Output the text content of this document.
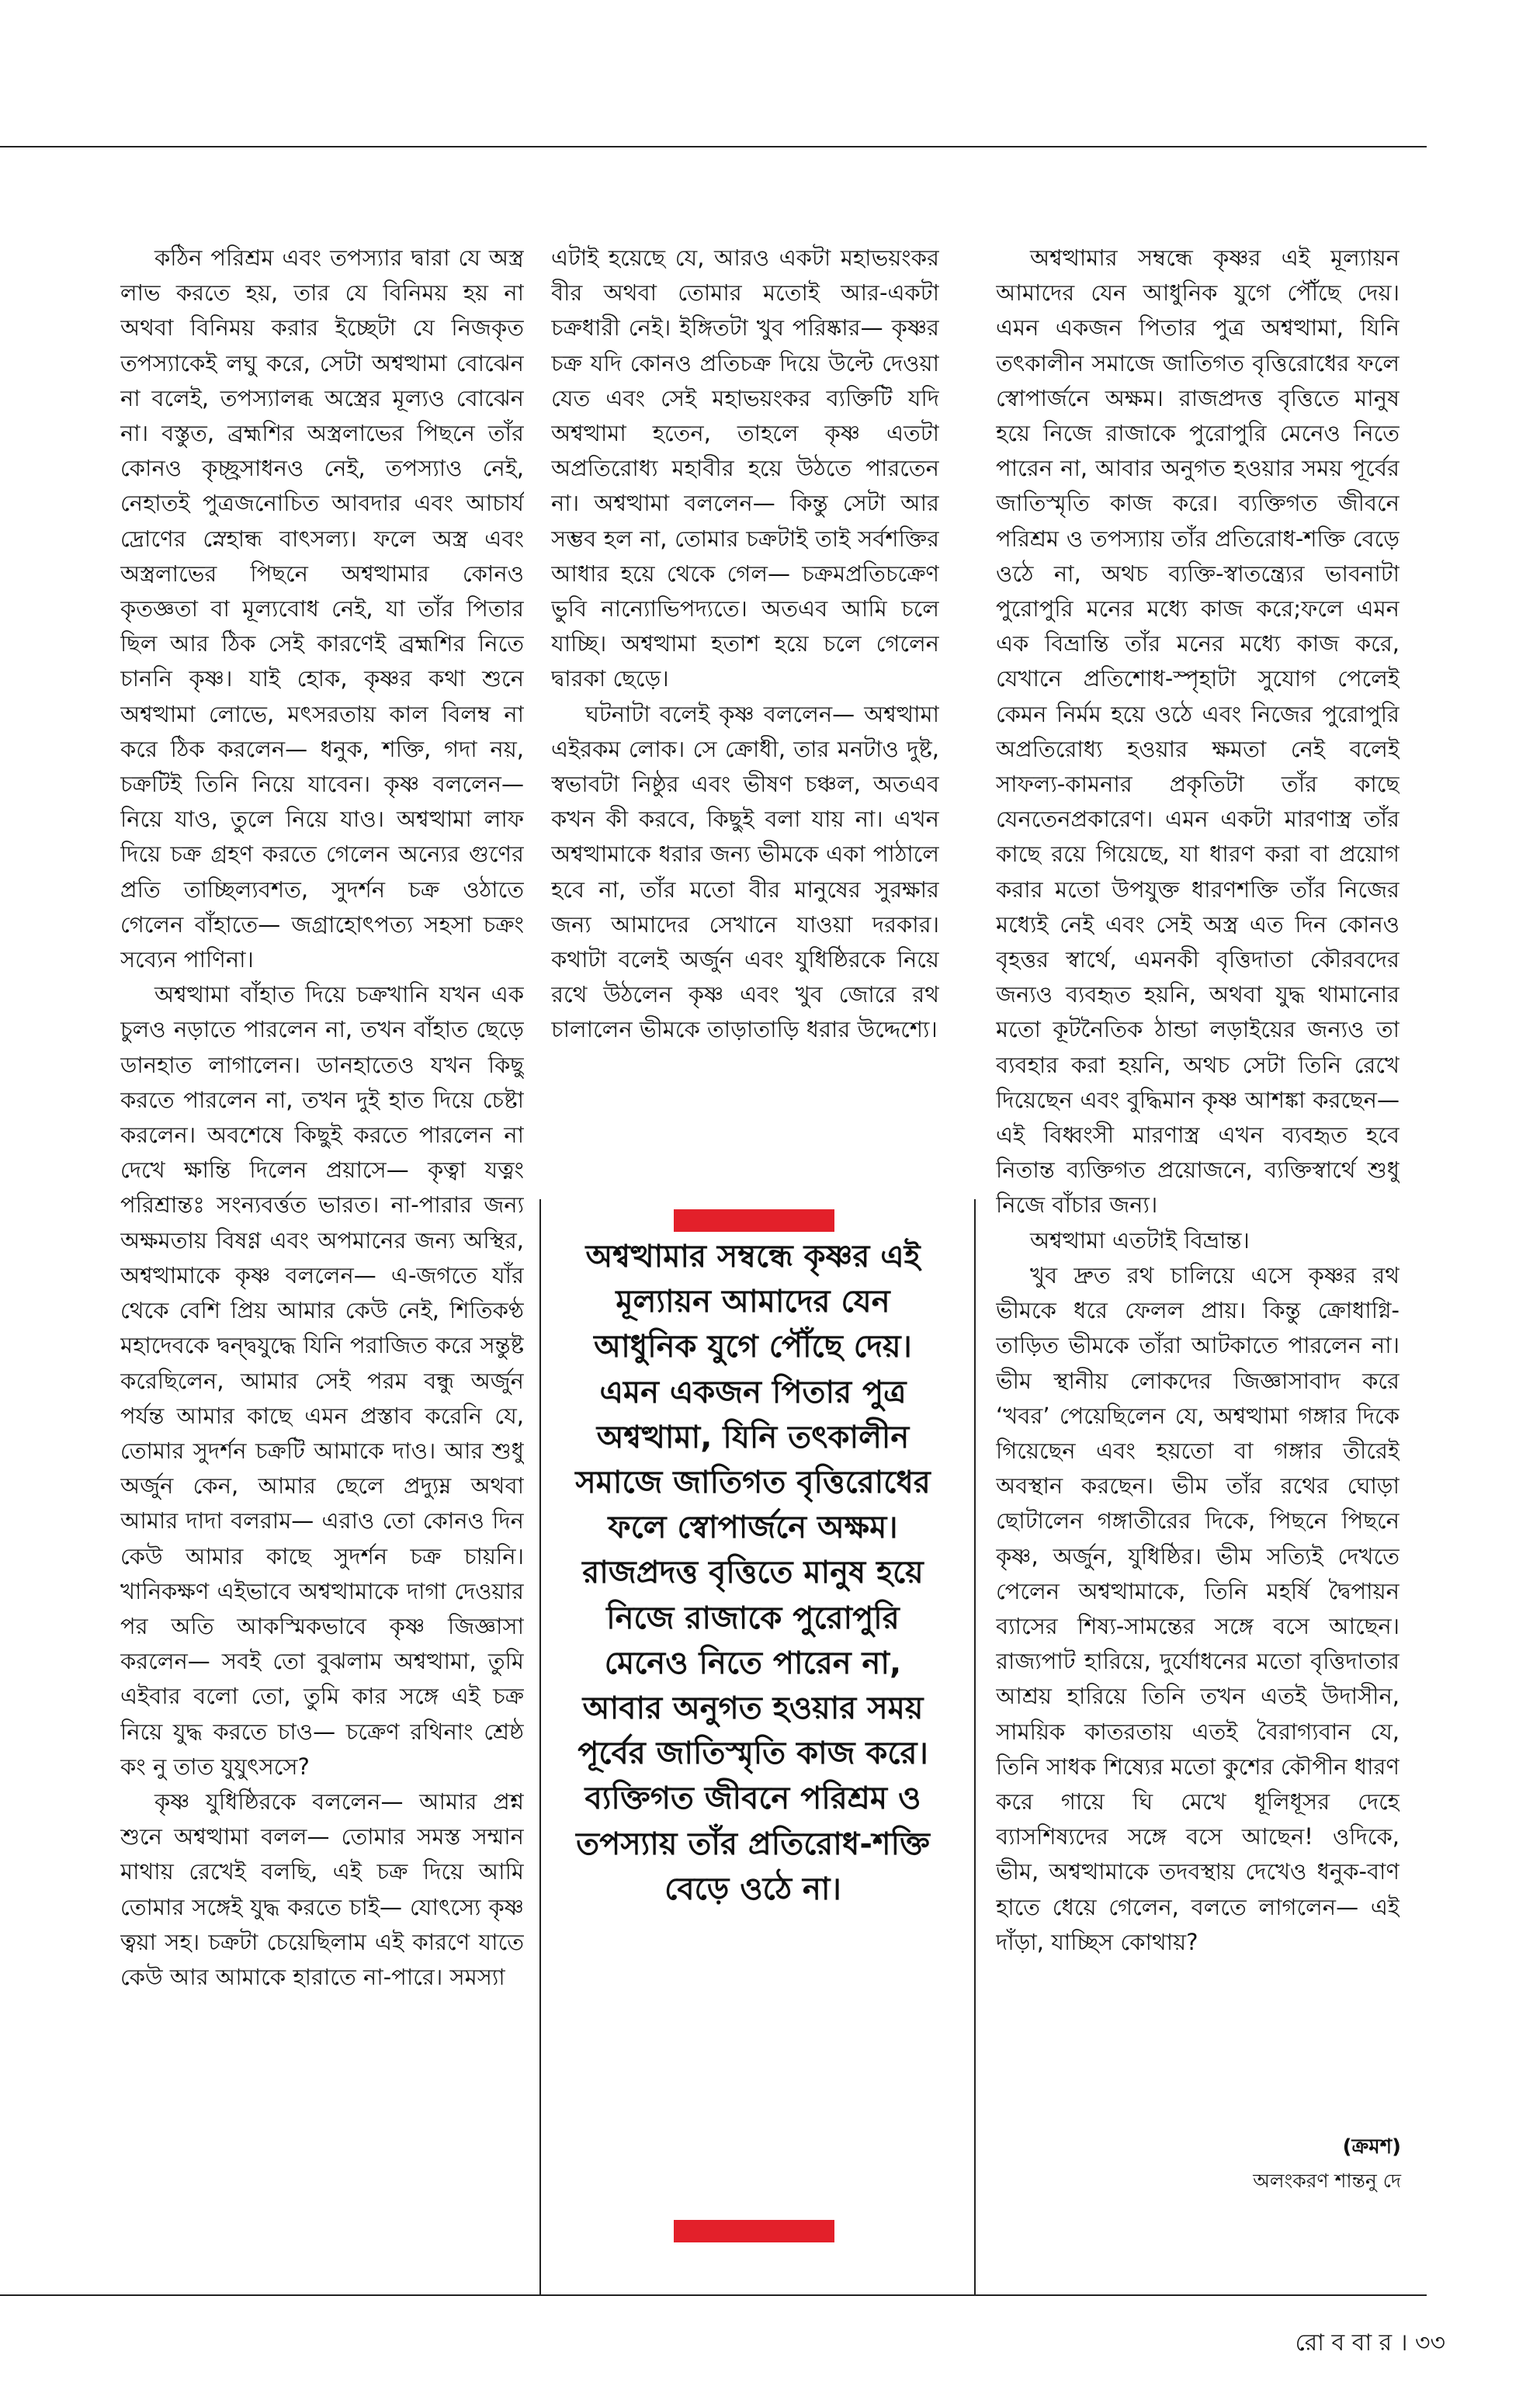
কঠিন পরিশ্রম এবং তপস্যার দ্বারা যে অস্ত্র লাভ করতে হয়, তার যে বিনিময় হয় না অথবা বিনিময় করার ইচ্ছেটা যে নিজকৃত তপস্যাকেই লঘু করে, সেটা অশ্বত্থামা বোঝেন না বলেই, তপস্যালব্ধ অস্ত্রের মূল্যও বোঝেন না। বস্তুত, ব্রহ্মশির অস্ত্রলাভের পিছনে তাঁর কোনও কৃচ্ছ্রসাধনও নেই, তপস্যাও নেই, নেহাতই পুত্রজনোচিত আবদার এবং আচার্য দ্রোণের স্নেহান্ধ বাৎসল্য। ফলে অস্ত্র এবং অস্ত্রলাভের পিছনে অশ্বত্থামার কোনও কৃতজ্ঞতা বা মূল্যবোধ নেই, যা তাঁর পিতার ছিল আর ঠিক সেই কারণেই ব্রহ্মশির নিতে চাননি কৃষ্ণ। যাই হোক, কৃষ্ণর কথা শুনে অশ্বত্থামা লোভে, মৎসরতায় কাল বিলম্ব না করে ঠিক করলেন— ধনুক, শক্তি, গদা নয়, চক্রটিই তিনি নিয়ে যাবেন। কৃষ্ণ বললেন— নিয়ে যাও, তুলে নিয়ে যাও। অশ্বত্থামা লাফ দিয়ে চক্র গ্রহণ করতে গেলেন অন্যের গুণের প্রতি তাচ্ছিল্যবশত, সুদর্শন চক্র ওঠাতে গেলেন বাঁহাতে— জগ্রাহোৎপত্য সহসা চক্রং সব্যেন পাণিনা।

অশ্বত্থামা বাঁহাত দিয়ে চক্রখানি যখন এক চুলও নড়াতে পারলেন না, তখন বাঁহাত ছেড়ে ডানহাত লাগালেন। ডানহাতেও যখন কিছু করতে পারলেন না, তখন দুই হাত দিয়ে চেষ্টা করলেন। অবশেষে কিছুই করতে পারলেন না দেখে ক্ষান্তি দিলেন প্রয়াসে— কৃত্বা যত্নং পরিশ্রান্তঃ সংন্যবর্ত্তত ভারত। না-পারার জন্য অক্ষমতায় বিষণ্ণ এবং অপমানের জন্য অস্থির, অশ্বত্থামাকে কৃষ্ণ বললেন— এ-জগতে যাঁর থেকে বেশি প্রিয় আমার কেউ নেই, শিতিকণ্ঠ মহাদেবকে দ্বন্দ্বযুদ্ধে যিনি পরাজিত করে সন্তুষ্ট করেছিলেন, আমার সেই পরম বন্ধু অর্জুন পর্যন্ত আমার কাছে এমন প্রস্তাব করেনি যে, তোমার সুদর্শন চক্রটি আমাকে দাও। আর শুধু অর্জুন কেন, আমার ছেলে প্রদ্যুম্ন অথবা আমার দাদা বলরাম— এরাও তো কোনও দিন কেউ আমার কাছে সুদর্শন চক্র চায়নি। খানিকক্ষণ এইভাবে অশ্বত্থামাকে দাগা দেওয়ার পর অতি আকস্মিকভাবে কৃষ্ণ জিজ্ঞাসা করলেন— সবই তো বুঝলাম অশ্বত্থামা, তুমি এইবার বলো তো, তুমি কার সঙ্গে এই চক্র নিয়ে যুদ্ধ করতে চাও— চক্রেণ রথিনাং শ্রেষ্ঠ কং নু তাত যুযুৎসসে?

কৃষ্ণ যুধিষ্ঠিরকে বললেন— আমার প্রশ্ন শুনে অশ্বত্থামা বলল— তোমার সমস্ত সম্মান মাথায় রেখেই বলছি, এই চক্র দিয়ে আমি তোমার সঙ্গেই যুদ্ধ করতে চাই— যোৎস্যে কৃষ্ণ ত্বয়া সহ। চক্রটা চেয়েছিলাম এই কারণে যাতে কেউ আর আমাকে হারাতে না-পারে। সমস্যা

এটাই হয়েছে যে, আরও একটা মহাভয়ংকর বীর অথবা তোমার মতোই আর-একটা চক্রধারী নেই। ইঙ্গিতটা খুব পরিষ্কার— কৃষ্ণর চক্র যদি কোনও প্রতিচক্র দিয়ে উল্টে দেওয়া যেত এবং সেই মহাভয়ংকর ব্যক্তিটি যদি অশ্বত্থামা হতেন, তাহলে কৃষ্ণ এতটা অপ্রতিরোধ্য মহাবীর হয়ে উঠতে পারতেন না। অশ্বত্থামা বললেন— কিন্তু সেটা আর সম্ভব হল না, তোমার চক্রটাই তাই সর্বশক্তির আধার হয়ে থেকে গেল— চক্রমপ্রতিচক্রেণ ভুবি নান্যোভিপদ্যতে। অতএব আমি চলে যাচ্ছি। অশ্বত্থামা হতাশ হয়ে চলে গেলেন দ্বারকা ছেড়ে।

ঘটনাটা বলেই কৃষ্ণ বললেন— অশ্বত্থামা এইরকম লোক। সে ক্রোধী, তার মনটাও দুষ্ট, স্বভাবটা নিষ্ঠুর এবং ভীষণ চঞ্চল, অতএব কখন কী করবে, কিছুই বলা যায় না। এখন অশ্বত্থামাকে ধরার জন্য ভীমকে একা পাঠালে হবে না, তাঁর মতো বীর মানুষের সুরক্ষার জন্য আমাদের সেখানে যাওয়া দরকার। কথাটা বলেই অর্জুন এবং যুধিষ্ঠিরকে নিয়ে রথে উঠলেন কৃষ্ণ এবং খুব জোরে রথ চালালেন ভীমকে তাড়াতাড়ি ধরার উদ্দেশ্যে।

অশ্বত্থামার সম্বন্ধে কৃষ্ণর এই মূল্যায়ন আমাদের যেন আধুনিক যুগে পৌঁছে দেয়। এমন একজন পিতার পুত্র অশ্বত্থামা, যিনি তৎকালীন সমাজে জাতিগত বৃত্তিরোধের ফলে স্বোপার্জনে অক্ষম। রাজপ্রদত্ত বৃত্তিতে মানুষ হয়ে নিজে রাজাকে পুরোপুরি মেনেও নিতে পারেন না, আবার অনুগত হওয়ার সময় পূর্বের জাতিস্মৃতি কাজ করে। ব্যক্তিগত জীবনে পরিশ্রম ও তপস্যায় তাঁর প্রতিরোধ-শক্তি বেড়ে ওঠে না।

অশ্বত্থামার সম্বন্ধে কৃষ্ণর এই মূল্যায়ন আমাদের যেন আধুনিক যুগে পৌঁছে দেয়। এমন একজন পিতার পুত্র অশ্বত্থামা, যিনি তৎকালীন সমাজে জাতিগত বৃত্তিরোধের ফলে স্বোপার্জনে অক্ষম। রাজপ্রদত্ত বৃত্তিতে মানুষ হয়ে নিজে রাজাকে পুরোপুরি মেনেও নিতে পারেন না, আবার অনুগত হওয়ার সময় পূর্বের জাতিস্মৃতি কাজ করে। ব্যক্তিগত জীবনে পরিশ্রম ও তপস্যায় তাঁর প্রতিরোধ-শক্তি বেড়ে ওঠে না, অথচ ব্যক্তি-স্বাতন্ত্র্যের ভাবনাটা পুরোপুরি মনের মধ্যে কাজ করে;ফলে এমন এক বিভ্রান্তি তাঁর মনের মধ্যে কাজ করে, যেখানে প্রতিশোধ-স্পৃহাটা সুযোগ পেলেই কেমন নির্মম হয়ে ওঠে এবং নিজের পুরোপুরি অপ্রতিরোধ্য হওয়ার ক্ষমতা নেই বলেই সাফল্য-কামনার প্রকৃতিটা তাঁর কাছে যেনতেনপ্রকারেণ। এমন একটা মারণাস্ত্র তাঁর কাছে রয়ে গিয়েছে, যা ধারণ করা বা প্রয়োগ করার মতো উপযুক্ত ধারণশক্তি তাঁর নিজের মধ্যেই নেই এবং সেই অস্ত্র এত দিন কোনও বৃহত্তর স্বার্থে, এমনকী বৃত্তিদাতা কৌরবদের জন্যও ব্যবহৃত হয়নি, অথবা যুদ্ধ থামানোর মতো কূটনৈতিক ঠান্ডা লড়াইয়ের জন্যও তা ব্যবহার করা হয়নি, অথচ সেটা তিনি রেখে দিয়েছেন এবং বুদ্ধিমান কৃষ্ণ আশঙ্কা করছেন— এই বিধ্বংসী মারণাস্ত্র এখন ব্যবহৃত হবে নিতান্ত ব্যক্তিগত প্রয়োজনে, ব্যক্তিস্বার্থে শুধু নিজে বাঁচার জন্য।

অশ্বত্থামা এতটাই বিভ্রান্ত।

খুব দ্রুত রথ চালিয়ে এসে কৃষ্ণর রথ ভীমকে ধরে ফেলল প্রায়। কিন্তু ক্রোধাগ্নি-তাড়িত ভীমকে তাঁরা আটকাতে পারলেন না। ভীম স্থানীয় লোকদের জিজ্ঞাসাবাদ করে ‘খবর’ পেয়েছিলেন যে, অশ্বত্থামা গঙ্গার দিকে গিয়েছেন এবং হয়তো বা গঙ্গার তীরেই অবস্থান করছেন। ভীম তাঁর রথের ঘোড়া ছোটালেন গঙ্গাতীরের দিকে, পিছনে পিছনে কৃষ্ণ, অর্জুন, যুধিষ্ঠির। ভীম সত্যিই দেখতে পেলেন অশ্বত্থামাকে, তিনি মহর্ষি দ্বৈপায়ন ব্যাসের শিষ্য-সামন্তের সঙ্গে বসে আছেন। রাজ্যপাট হারিয়ে, দুর্যোধনের মতো বৃত্তিদাতার আশ্রয় হারিয়ে তিনি তখন এতই উদাসীন, সাময়িক কাতরতায় এতই বৈরাগ্যবান যে, তিনি সাধক শিষ্যের মতো কুশের কৌপীন ধারণ করে গায়ে ঘি মেখে ধূলিধূসর দেহে ব্যাসশিষ্যদের সঙ্গে বসে আছেন! ওদিকে, ভীম, অশ্বত্থামাকে তদবস্থায় দেখেও ধনুক-বাণ হাতে ধেয়ে গেলেন, বলতে লাগলেন— এই দাঁড়া, যাচ্ছিস কোথায়?

(ক্রমশ)
অলংকরণ শান্তনু দে
রো ব বা র । ৩৩
